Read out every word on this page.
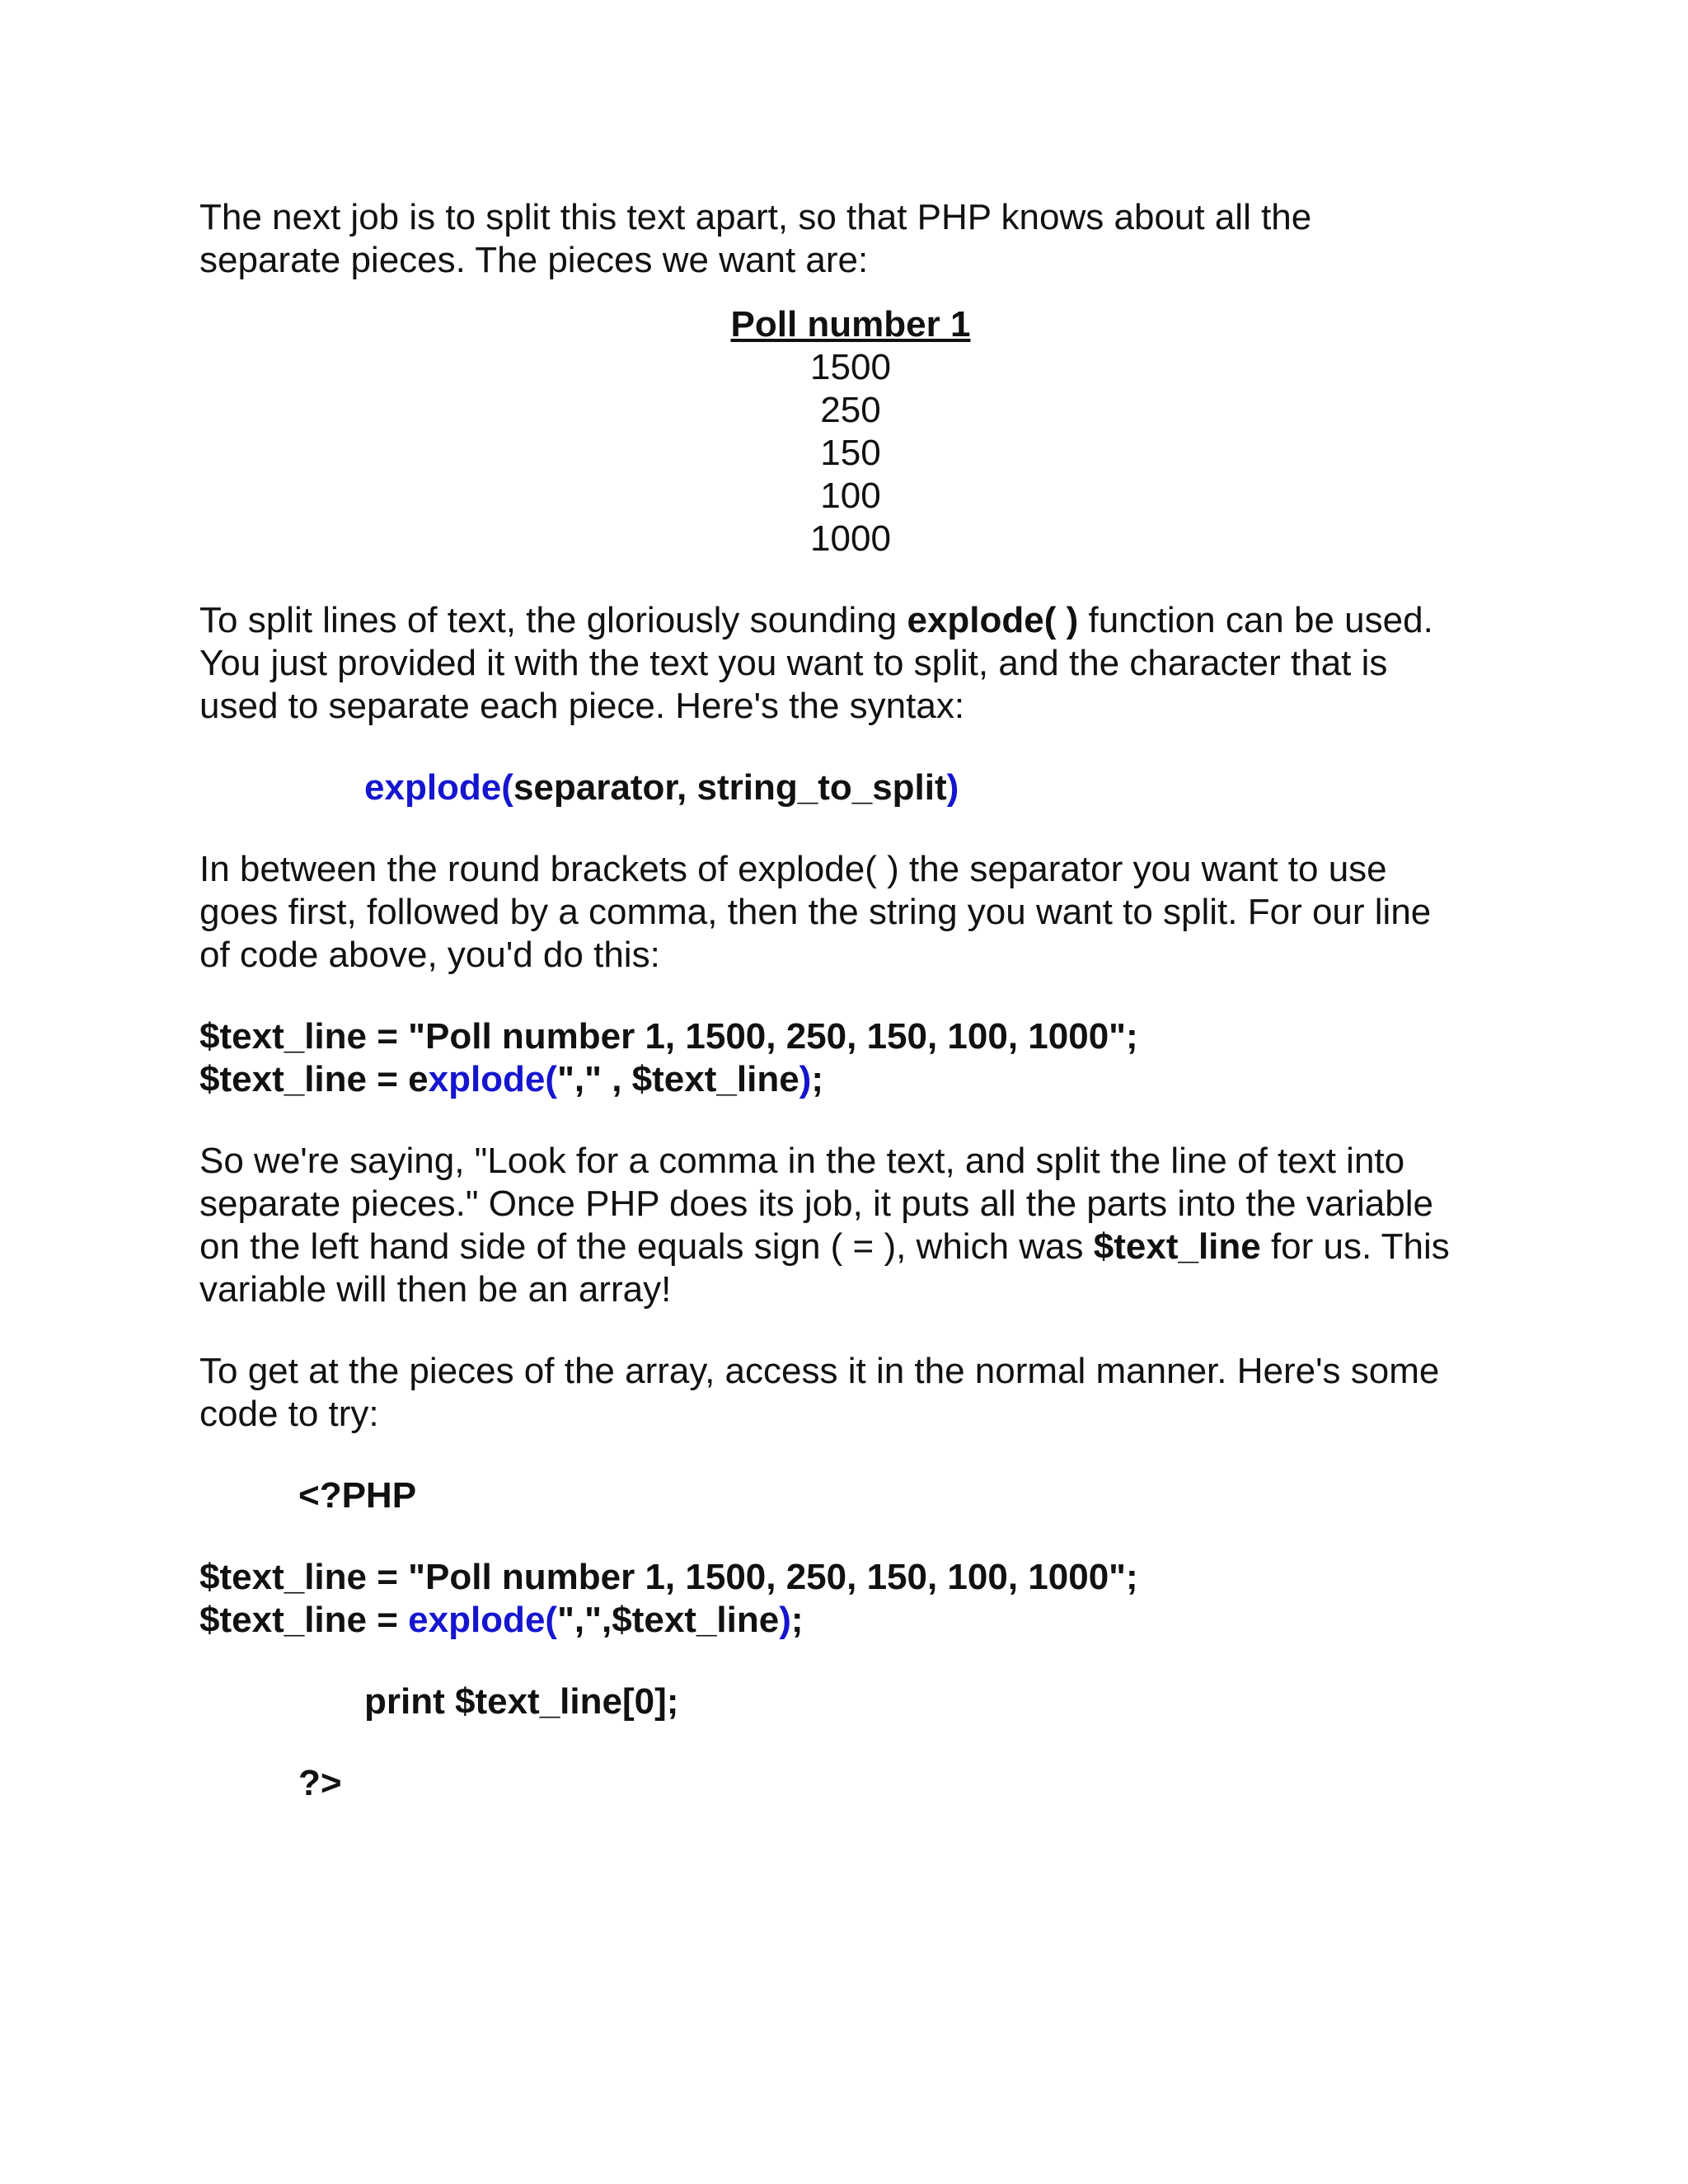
The next job is to split this text apart, so that PHP knows about all the

separate pieces. The pieces we want are:

Poll number 1

1500

250

150

100

1000

To split lines of text, the gloriously sounding explode( ) function can be used.

You just provided it with the text you want to split, and the character that is

used to separate each piece. Here's the syntax:

explode(separator, string_to_split)

In between the round brackets of explode( ) the separator you want to use

goes first, followed by a comma, then the string you want to split. For our line

of code above, you'd do this:

$text_line = "Poll number 1, 1500, 250, 150, 100, 1000";

$text_line = explode("," , $text_line);

So we're saying, "Look for a comma in the text, and split the line of text into

separate pieces." Once PHP does its job, it puts all the parts into the variable

on the left hand side of the equals sign ( = ), which was $text_line for us. This

variable will then be an array!

To get at the pieces of the array, access it in the normal manner. Here's some

code to try:

<?PHP

$text_line = "Poll number 1, 1500, 250, 150, 100, 1000";

$text_line = explode(",",$text_line);

print $text_line[0];

?>
